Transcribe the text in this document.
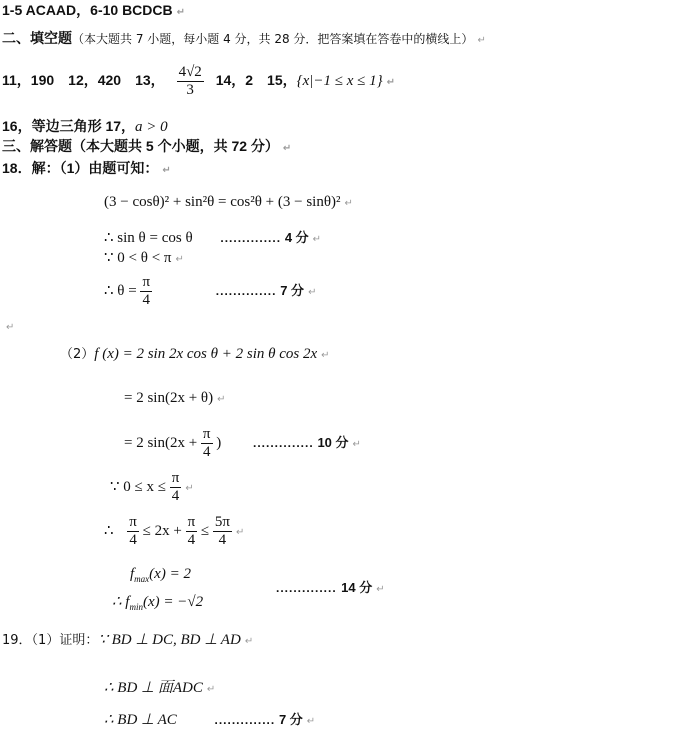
1-5 ACAAD，6-10 BCDCB ↵
二、填空题（本大题共 7 小题，每小题 4 分，共 28 分．把答案填在答卷中的横线上） ↵
11，190　12，420　13， $\frac{4√2}{3} 14$，2　15，{x|−1 ≤ x ≤ 1} ↵
16，等边三角形 17，a > 0
三、解答题（本大题共 5 个小题，共 72 分） ↵
18．解：（1）由题可知： ↵
(3 − cosθ)² + sin²θ = cos²θ + (3 − sinθ)² ↵
∴ sin θ = cos θ .............. 4 分 ↵
∵ 0 < θ < π ↵
∴ $\theta = \frac{\pi}{4}$	.............. 7 分 ↵
↵
（2）f (x) = 2 sin 2x cos θ + 2 sin θ cos 2x ↵
= 2 sin(2x + θ) ↵
= 2 $\sin(2x + \frac{\pi}{4}$ )	.............. 10 分 ↵
∵ $0 \le x \le \frac{\pi}{4}$ ↵
∴ $\frac{\pi}{4} \le 2x + \frac{\pi}{4} \le \frac{5\pi}{4}$ ↵
$f_{max}(x) = 2$
∴ $f_{min}(x) = -√2$
.............. 14 分 ↵
19．（1）证明：∵ BD ⊥ DC, BD ⊥ AD ↵
∴ BD ⊥ 面ADC ↵
∴ BD ⊥ AC	.............. 7 分 ↵
